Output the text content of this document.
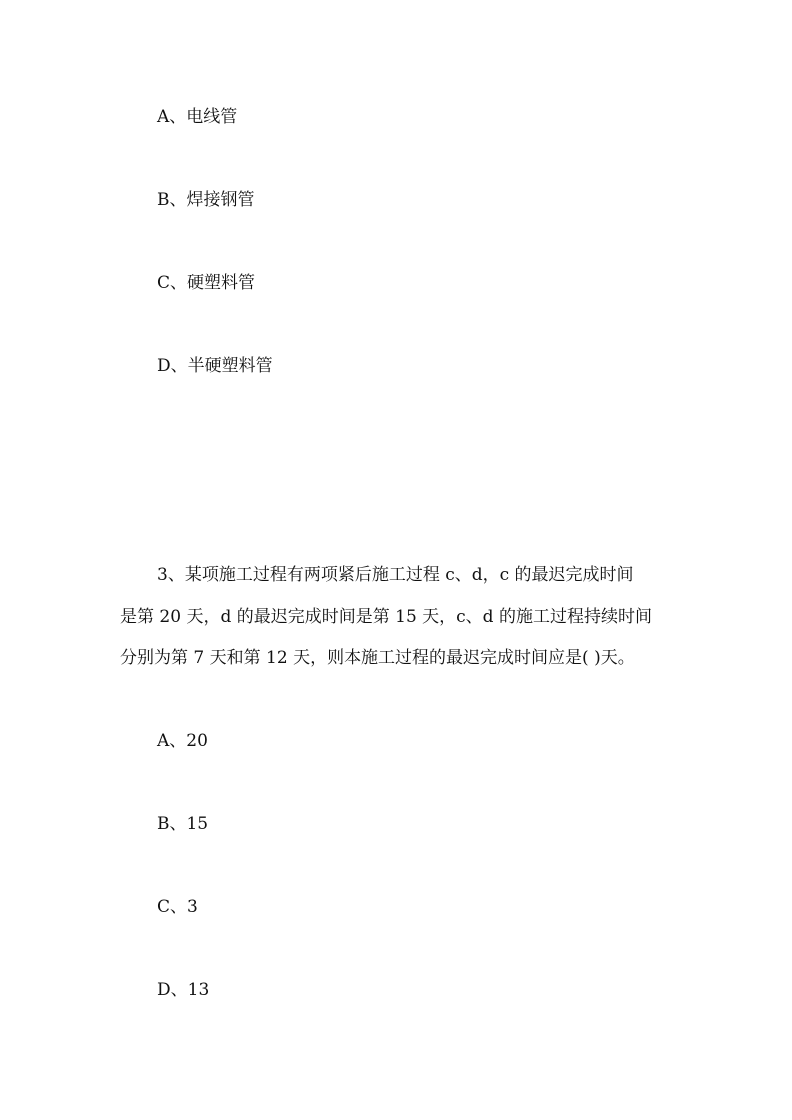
A、电线管
B、焊接钢管
C、硬塑料管
D、半硬塑料管
3、某项施工过程有两项紧后施工过程 c、d，c 的最迟完成时间
是第 20 天，d 的最迟完成时间是第 15 天，c、d 的施工过程持续时间
分别为第 7 天和第 12 天，则本施工过程的最迟完成时间应是( )天。
A、20
B、15
C、3
D、13
